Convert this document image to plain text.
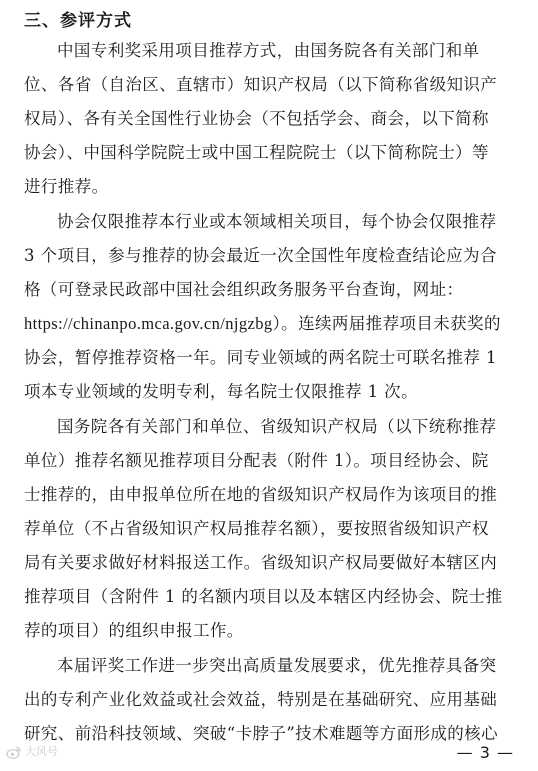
三、参评方式
中国专利奖采用项目推荐方式，由国务院各有关部门和单
位、各省（自治区、直辖市）知识产权局（以下简称省级知识产
权局）、各有关全国性行业协会（不包括学会、商会，以下简称
协会）、中国科学院院士或中国工程院院士（以下简称院士）等
进行推荐。
协会仅限推荐本行业或本领域相关项目，每个协会仅限推荐
3 个项目，参与推荐的协会最近一次全国性年度检查结论应为合
格（可登录民政部中国社会组织政务服务平台查询，网址：
https://chinanpo.mca.gov.cn/njgzbg）。连续两届推荐项目未获奖的
协会，暂停推荐资格一年。同专业领域的两名院士可联名推荐 1
项本专业领域的发明专利，每名院士仅限推荐 1 次。
国务院各有关部门和单位、省级知识产权局（以下统称推荐
单位）推荐名额见推荐项目分配表（附件 1）。项目经协会、院
士推荐的，由申报单位所在地的省级知识产权局作为该项目的推
荐单位（不占省级知识产权局推荐名额），要按照省级知识产权
局有关要求做好材料报送工作。省级知识产权局要做好本辖区内
推荐项目（含附件 1 的名额内项目以及本辖区内经协会、院士推
荐的项目）的组织申报工作。
本届评奖工作进一步突出高质量发展要求，优先推荐具备突
出的专利产业化效益或社会效益，特别是在基础研究、应用基础
研究、前沿科技领域、突破“卡脖子”技术难题等方面形成的核心
大风号	— 3 —
